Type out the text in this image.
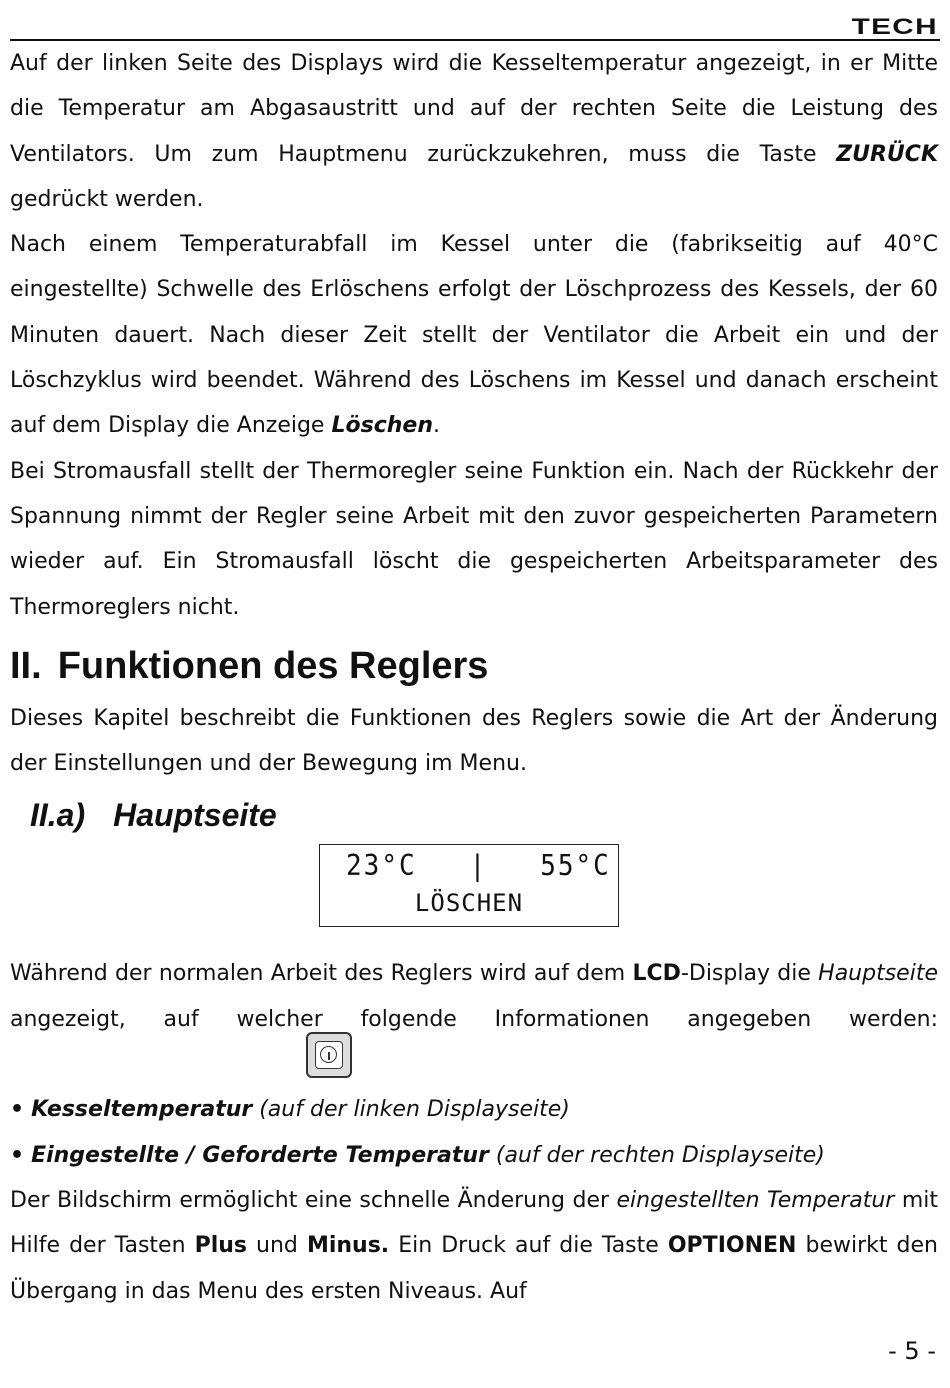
TECH

Auf der linken Seite des Displays wird die Kesseltemperatur angezeigt, in er Mitte die Temperatur am Abgasaustritt und auf der rechten Seite die Leistung des Ventilators. Um zum Hauptmenu zurückzukehren, muss die Taste ZURÜCK gedrückt werden.

Nach einem Temperaturabfall im Kessel unter die (fabrikseitig auf 40°C eingestellte) Schwelle des Erlöschens erfolgt der Löschprozess des Kessels, der 60 Minuten dauert. Nach dieser Zeit stellt der Ventilator die Arbeit ein und der Löschzyklus wird beendet. Während des Löschens im Kessel und danach erscheint auf dem Display die Anzeige Löschen.

Bei Stromausfall stellt der Thermoregler seine Funktion ein. Nach der Rückkehr der Spannung nimmt der Regler seine Arbeit mit den zuvor gespeicherten Parametern wieder auf. Ein Stromausfall löscht die gespeicherten Arbeitsparameter des Thermoreglers nicht.

II. Funktionen des Reglers

Dieses Kapitel beschreibt die Funktionen des Reglers sowie die Art der Änderung der Einstellungen und der Bewegung im Menu.

II.a) Hauptseite
23°C | 55°C
LÖSCHEN

Während der normalen Arbeit des Reglers wird auf dem LCD-Display die Hauptseite angezeigt, auf welcher folgende Informationen angegeben werden:

• Kesseltemperatur (auf der linken Displayseite)

• Eingestellte / Geforderte Temperatur (auf der rechten Displayseite)

Der Bildschirm ermöglicht eine schnelle Änderung der eingestellten Temperatur mit Hilfe der Tasten Plus und Minus. Ein Druck auf die Taste OPTIONEN bewirkt den Übergang in das Menu des ersten Niveaus. Auf

- 5 -
